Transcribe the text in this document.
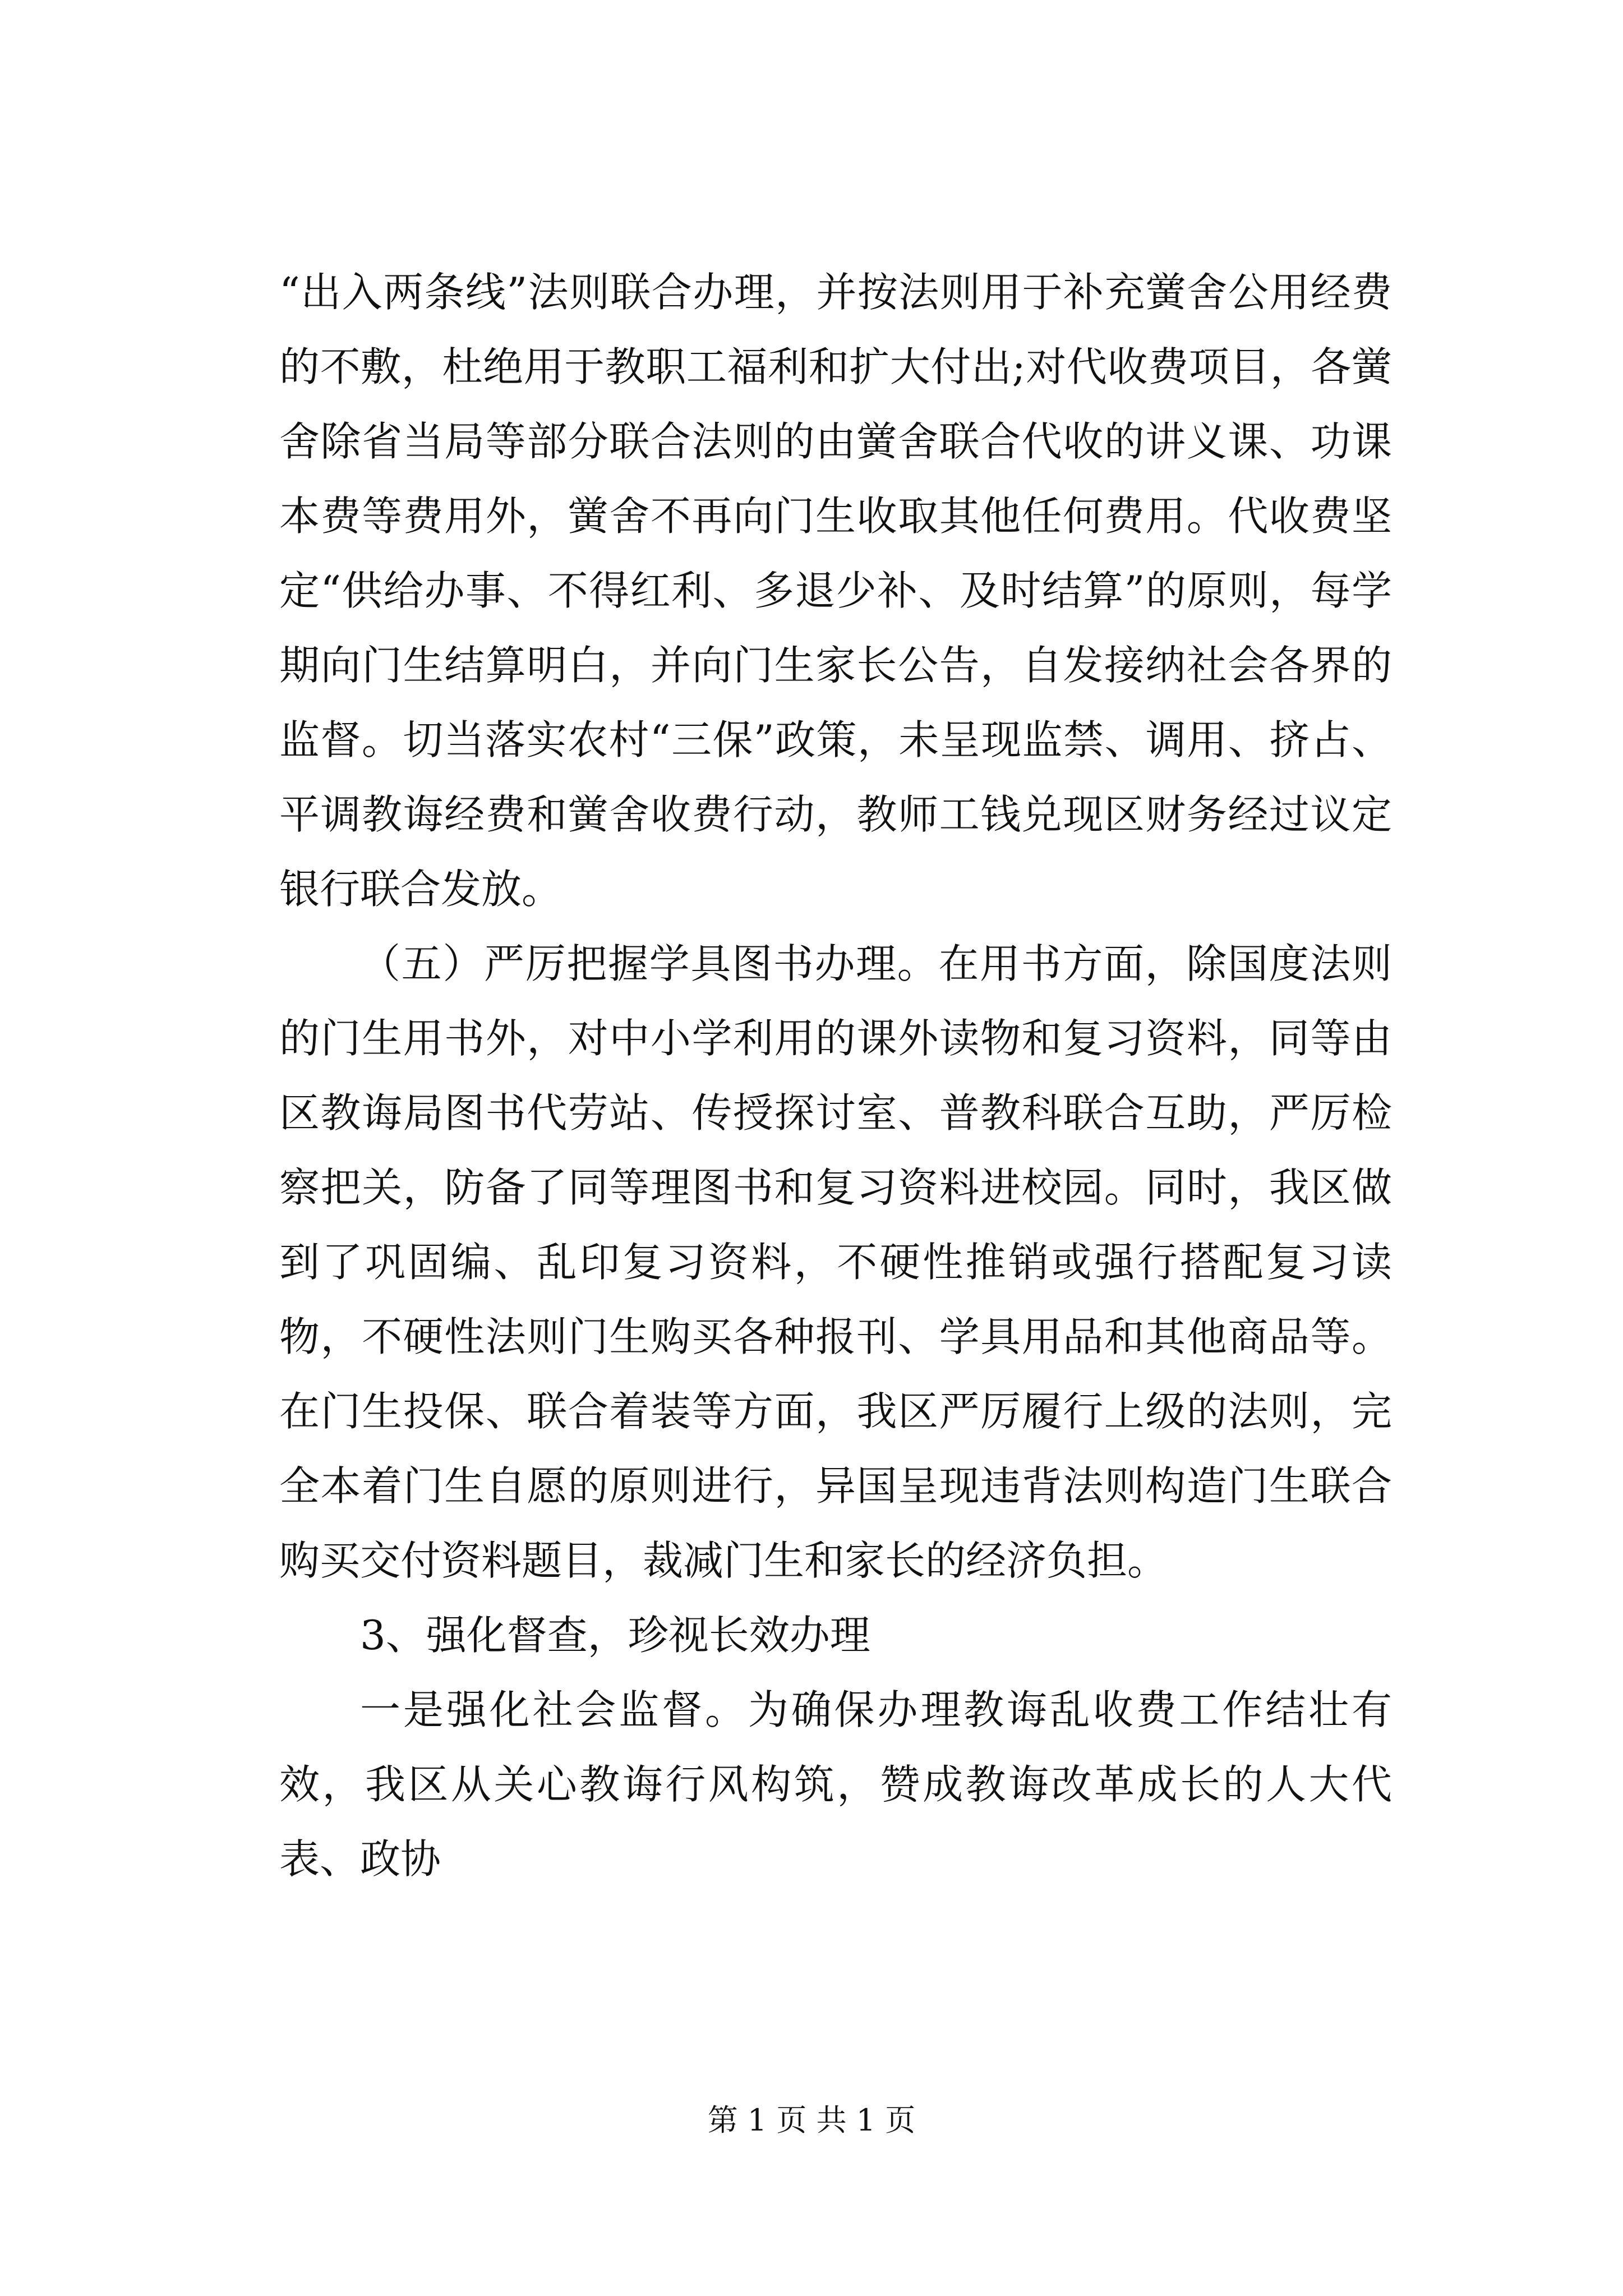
“出入两条线”法则联合办理，并按法则用于补充黉舍公用经费的不敷，杜绝用于教职工福利和扩大付出;对代收费项目，各黉舍除省当局等部分联合法则的由黉舍联合代收的讲义课、功课本费等费用外，黉舍不再向门生收取其他任何费用。代收费坚定“供给办事、不得红利、多退少补、及时结算”的原则，每学期向门生结算明白，并向门生家长公告，自发接纳社会各界的监督。切当落实农村“三保”政策，未呈现监禁、调用、挤占、平调教诲经费和黉舍收费行动，教师工钱兑现区财务经过议定银行联合发放。

（五）严厉把握学具图书办理。在用书方面，除国度法则的门生用书外，对中小学利用的课外读物和复习资料，同等由区教诲局图书代劳站、传授探讨室、普教科联合互助，严厉检察把关，防备了同等理图书和复习资料进校园。同时，我区做到了巩固编、乱印复习资料，不硬性推销或强行搭配复习读物，不硬性法则门生购买各种报刊、学具用品和其他商品等。在门生投保、联合着装等方面，我区严厉履行上级的法则，完全本着门生自愿的原则进行，异国呈现违背法则构造门生联合购买交付资料题目，裁减门生和家长的经济负担。

3、强化督查，珍视长效办理

一是强化社会监督。为确保办理教诲乱收费工作结壮有效，我区从关心教诲行风构筑，赞成教诲改革成长的人大代表、政协

第 1 页 共 1 页
